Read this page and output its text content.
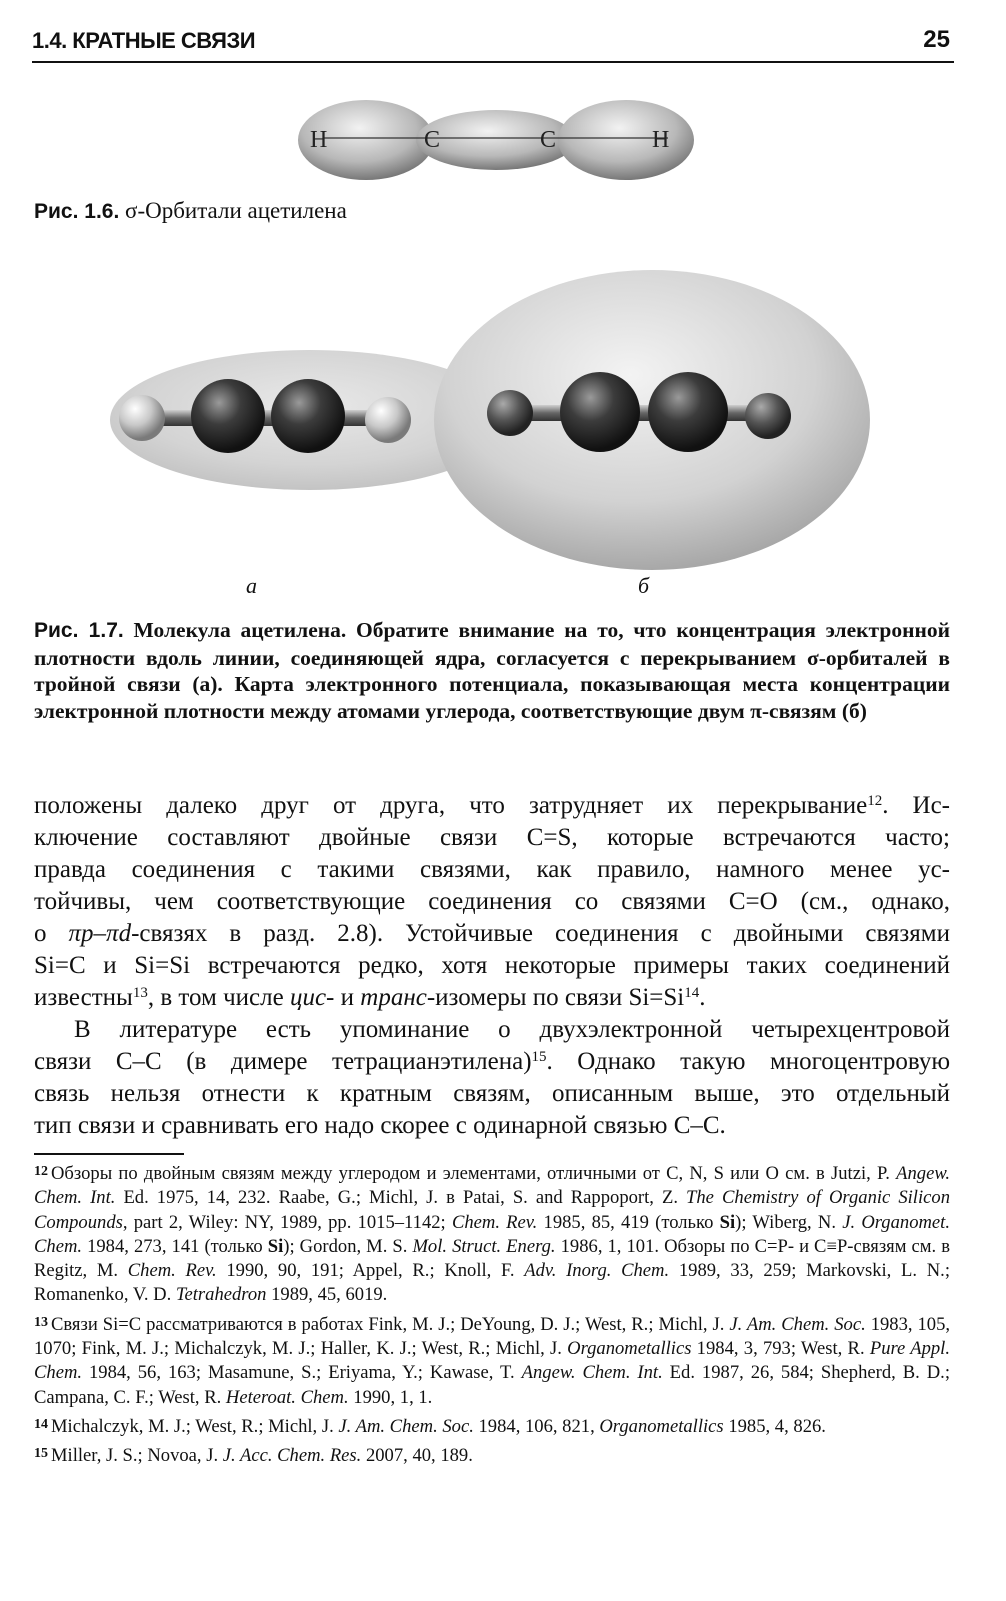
1.4. КРАТНЫЕ СВЯЗИ	25
H	C	C	H
Рис. 1.6. σ-Орбитали ацетилена
а	б
Рис. 1.7. Молекула ацетилена. Обратите внимание на то, что концентрация электронной плотности вдоль линии, соединяющей ядра, согласуется с перекрыванием σ-орбиталей в тройной связи (а). Карта электронного потенциала, показывающая места концентрации электронной плотности между атомами углерода, соответствующие двум π-связям (б)

положены далеко друг от друга, что затрудняет их перекрывание$^{12}$. Ис-
ключение составляют двойные связи C=S, которые встречаются часто;
правда соединения с такими связями, как правило, намного менее ус-
тойчивы, чем соответствующие соединения со связями C=O (см., однако,
о πp–πd-связях в разд. 2.8). Устойчивые соединения с двойными связями
Si=C и Si=Si встречаются редко, хотя некоторые примеры таких соединений
известны$^{13}$, в том числе цис- и транс-изомеры по связи $Si=Si^{14}$.

В литературе есть упоминание о двухэлектронной четырехцентровой
связи C–C (в димере тетрацианэтилена)$^{15}$. Однако такую многоцентровую
связь нельзя отнести к кратным связям, описанным выше, это отдельный
тип связи и сравнивать его надо скорее с одинарной связью C–C.

$^{12}$ Обзоры по двойным связям между углеродом и элементами, отличными от C, N, S или O см. в Jutzi, P. Angew. Chem. Int. Ed. 1975, 14, 232. Raabe, G.; Michl, J. в Patai, S. and Rappoport, Z. The Chemistry of Organic Silicon Compounds, part 2, Wiley: NY, 1989, pp. 1015–1142; Chem. Rev. 1985, 85, 419 (только Si); Wiberg, N. J. Organomet. Chem. 1984, 273, 141 (только Si); Gordon, M. S. Mol. Struct. Energ. 1986, 1, 101. Обзоры по C=P- и C≡P-связям см. в Regitz, M. Chem. Rev. 1990, 90, 191; Appel, R.; Knoll, F. Adv. Inorg. Chem. 1989, 33, 259; Markovski, L. N.; Romanenko, V. D. Tetrahedron 1989, 45, 6019.

$^{13}$ Связи Si=C рассматриваются в работах Fink, M. J.; DeYoung, D. J.; West, R.; Michl, J. J. Am. Chem. Soc. 1983, 105, 1070; Fink, M. J.; Michalczyk, M. J.; Haller, K. J.; West, R.; Michl, J. Organometallics 1984, 3, 793; West, R. Pure Appl. Chem. 1984, 56, 163; Masamune, S.; Eriyama, Y.; Kawase, T. Angew. Chem. Int. Ed. 1987, 26, 584; Shepherd, B. D.; Campana, C. F.; West, R. Heteroat. Chem. 1990, 1, 1.

$^{14}$ Michalczyk, M. J.; West, R.; Michl, J. J. Am. Chem. Soc. 1984, 106, 821, Organometallics 1985, 4, 826.

$^{15}$ Miller, J. S.; Novoa, J. J. Acc. Chem. Res. 2007, 40, 189.
